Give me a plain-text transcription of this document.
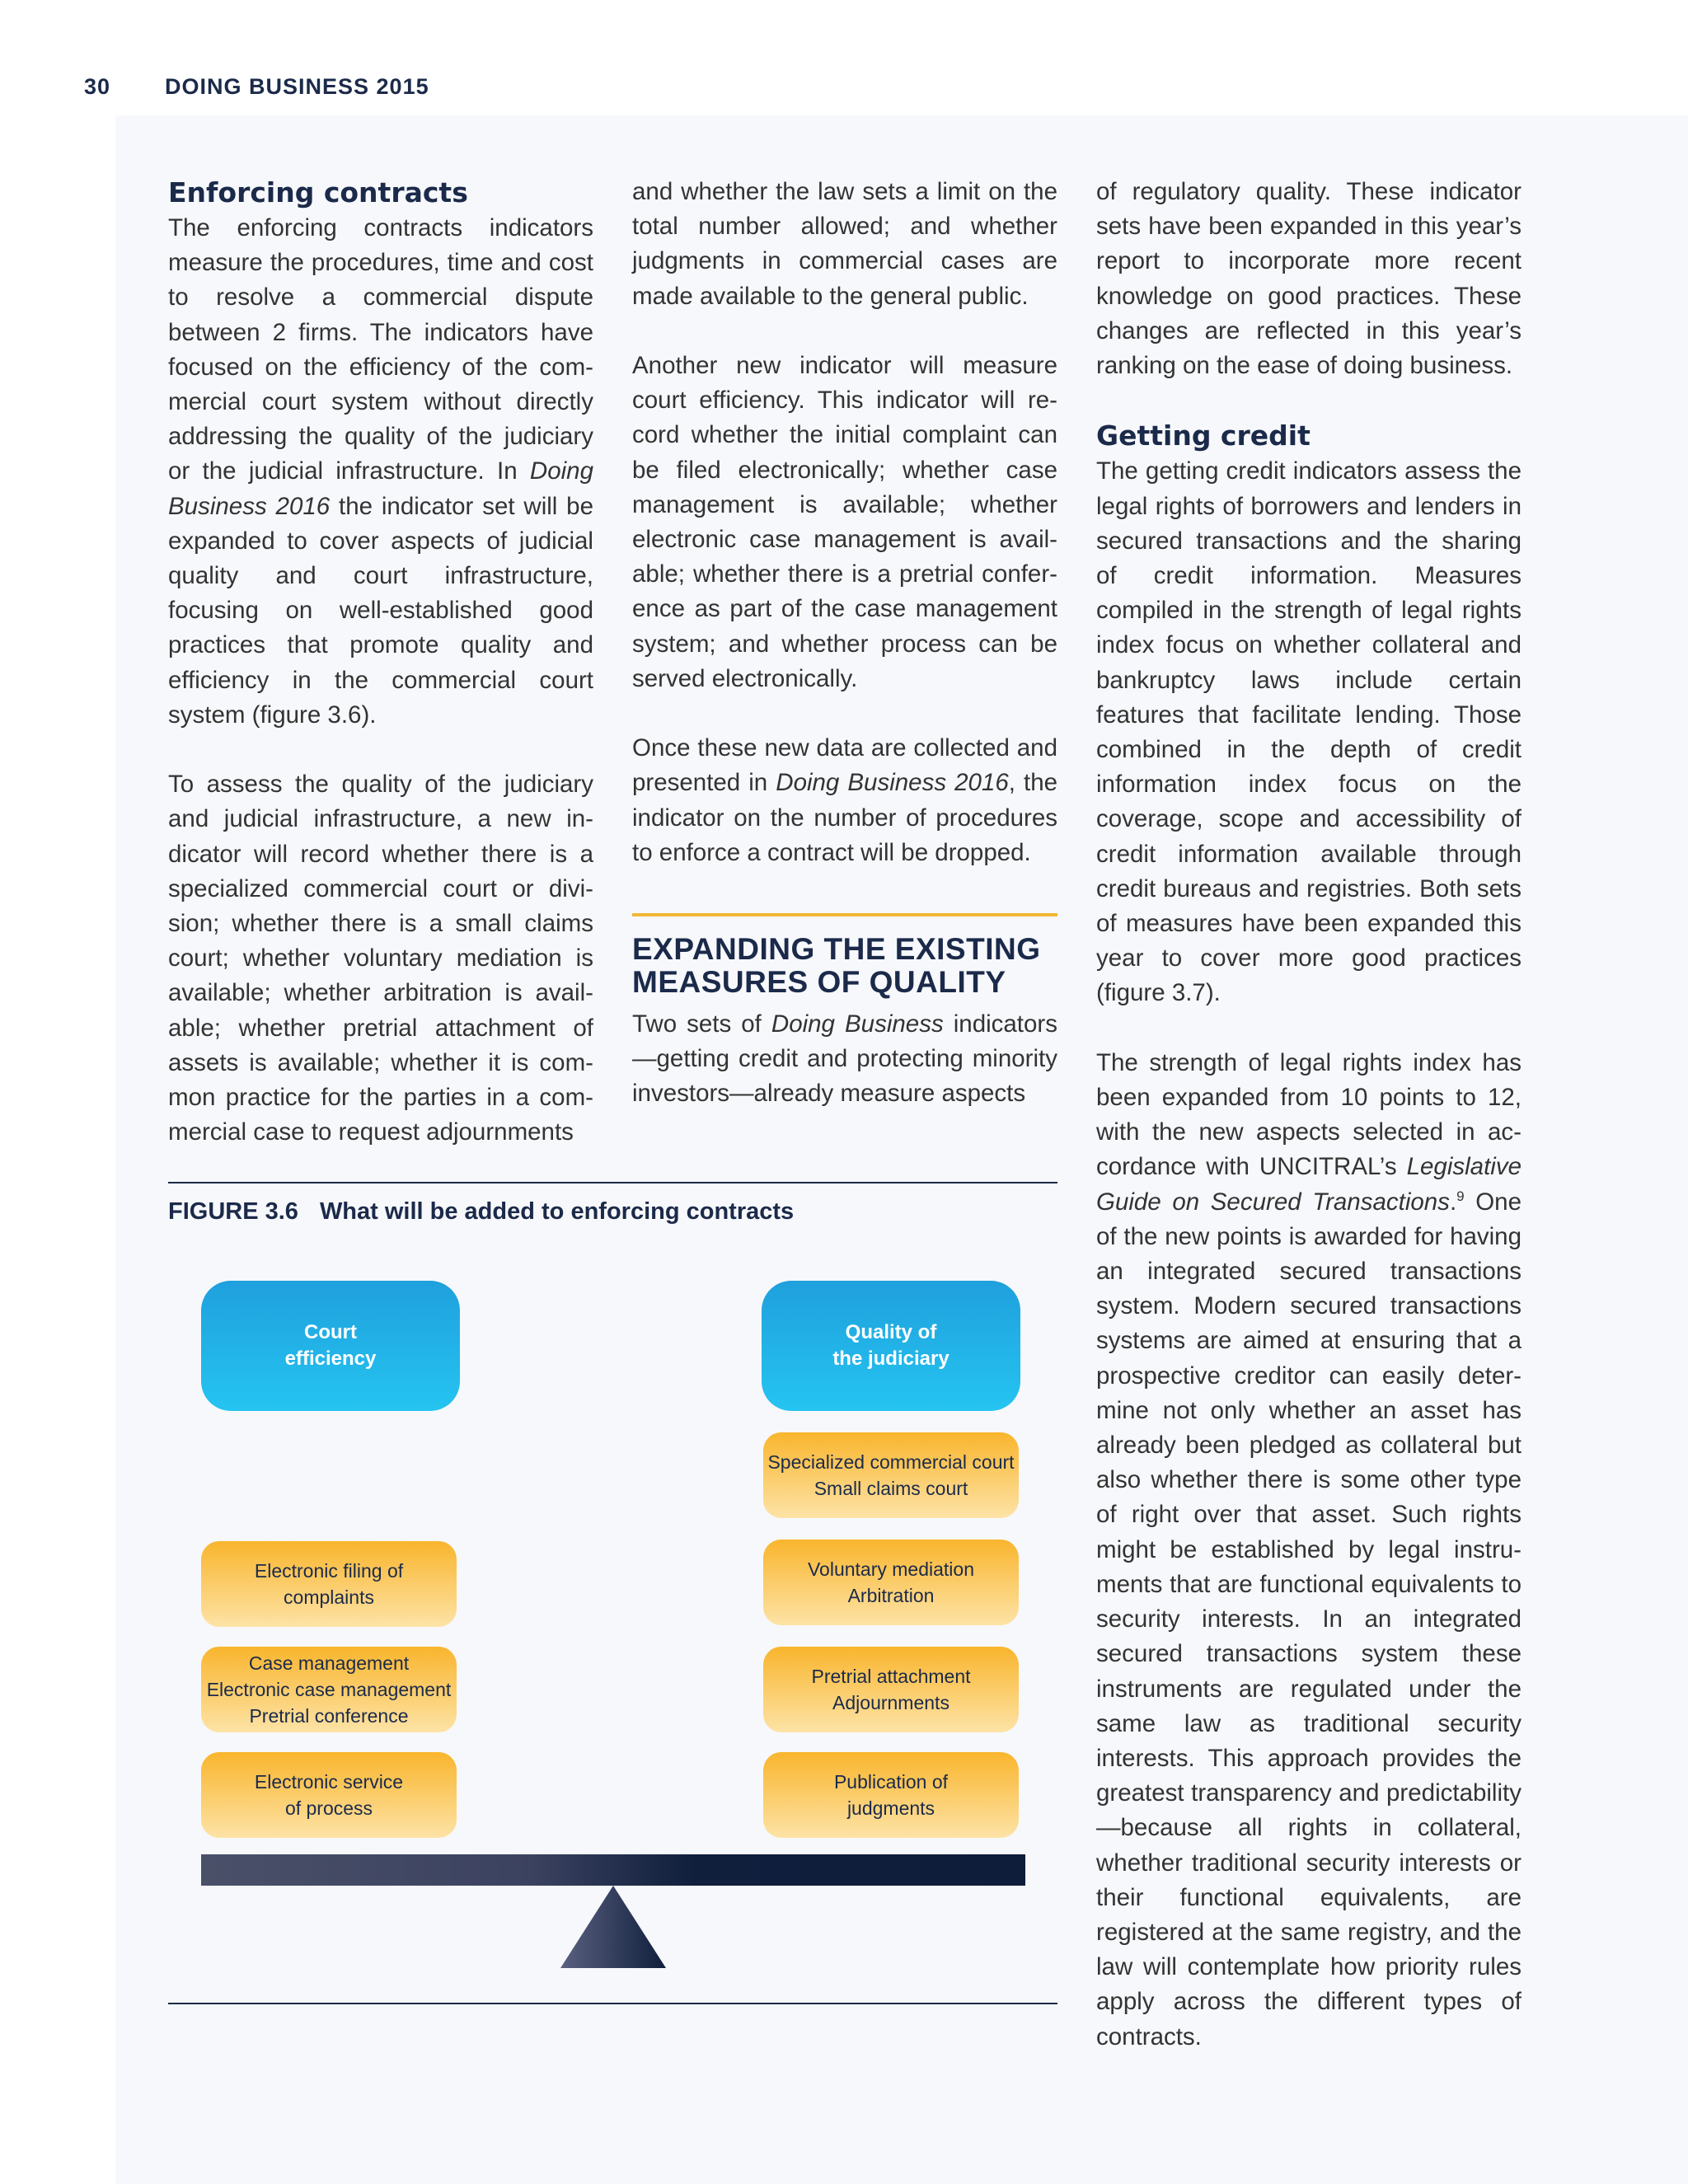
30 DOING BUSINESS 2015
Enforcing contracts

The enforcing contracts indicators measure the procedures, time and cost to resolve a commercial dispute between 2 firms. The indicators have focused on the efficiency of the commercial court system without directly addressing the quality of the judiciary or the judicial infrastructure. In Doing Business 2016 the indicator set will be expanded to cover aspects of judicial quality and court infrastructure, focusing on well-established good practices that promote quality and efficiency in the commercial court system (figure 3.6).

To assess the quality of the judiciary and judicial infrastructure, a new indicator will record whether there is a specialized commercial court or division; whether there is a small claims court; whether voluntary mediation is available; whether arbitration is available; whether pretrial attachment of assets is available; whether it is common practice for the parties in a commercial case to request adjournments

and whether the law sets a limit on the total number allowed; and whether judgments in commercial cases are made available to the general public.

Another new indicator will measure court efficiency. This indicator will record whether the initial complaint can be filed electronically; whether case management is available; whether electronic case management is available; whether there is a pretrial conference as part of the case management system; and whether process can be served electronically.

Once these new data are collected and presented in Doing Business 2016, the indicator on the number of procedures to enforce a contract will be dropped.

EXPANDING THE EXISTING MEASURES OF QUALITY

Two sets of Doing Business indicators—getting credit and protecting minority investors—already measure aspects

of regulatory quality. These indicator sets have been expanded in this year’s report to incorporate more recent knowledge on good practices. These changes are reflected in this year’s ranking on the ease of doing business.

Getting credit

The getting credit indicators assess the legal rights of borrowers and lenders in secured transactions and the sharing of credit information. Measures compiled in the strength of legal rights index focus on whether collateral and bankruptcy laws include certain features that facilitate lending. Those combined in the depth of credit information index focus on the coverage, scope and accessibility of credit information available through credit bureaus and registries. Both sets of measures have been expanded this year to cover more good practices (figure 3.7).

The strength of legal rights index has been expanded from 10 points to 12, with the new aspects selected in accordance with UNCITRAL’s Legislative Guide on Secured Transactions.$^9$ One of the new points is awarded for having an integrated secured transactions system. Modern secured transactions systems are aimed at ensuring that a prospective creditor can easily determine not only whether an asset has already been pledged as collateral but also whether there is some other type of right over that asset. Such rights might be established by legal instruments that are functional equivalents to security interests. In an integrated secured transactions system these instruments are regulated under the same law as traditional security interests. This approach provides the greatest transparency and predictability—because all rights in collateral, whether traditional security interests or their functional equivalents, are registered at the same registry, and the law will contemplate how priority rules apply across the different types of contracts.

FIGURE 3.6 What will be added to enforcing contracts
Court
efficiency
Quality of
the judiciary
Electronic filing of
complaints
Case management
Electronic case management
Pretrial conference
Electronic service
of process
Specialized commercial court
Small claims court
Voluntary mediation
Arbitration
Pretrial attachment
Adjournments
Publication of
judgments
